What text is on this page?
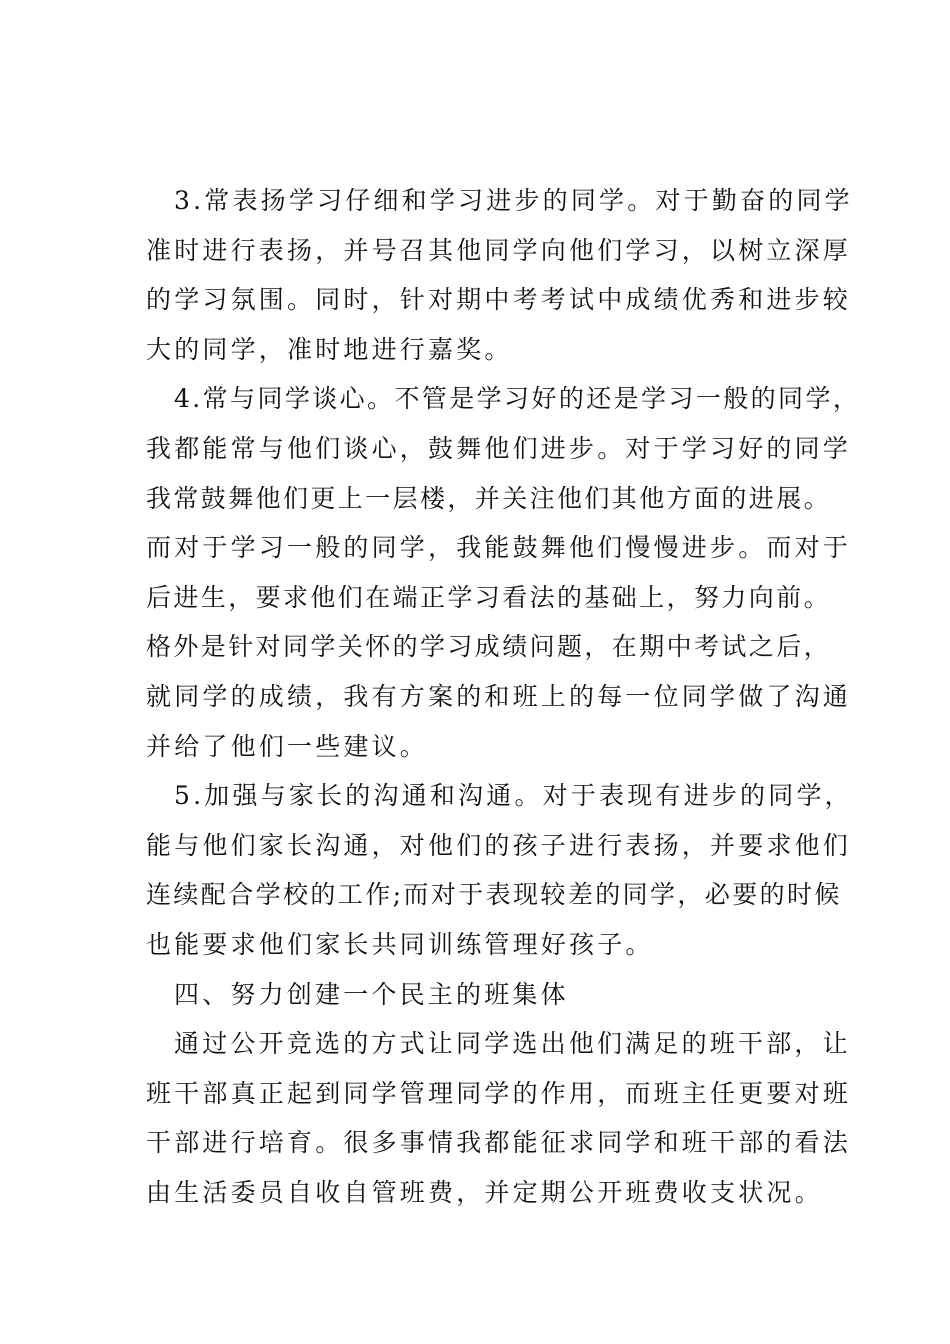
3.常表扬学习仔细和学习进步的同学。对于勤奋的同学
准时进行表扬，并号召其他同学向他们学习，以树立深厚
的学习氛围。同时，针对期中考考试中成绩优秀和进步较
大的同学，准时地进行嘉奖。
4.常与同学谈心。不管是学习好的还是学习一般的同学，
我都能常与他们谈心，鼓舞他们进步。对于学习好的同学
我常鼓舞他们更上一层楼，并关注他们其他方面的进展。
而对于学习一般的同学，我能鼓舞他们慢慢进步。而对于
后进生，要求他们在端正学习看法的基础上，努力向前。
格外是针对同学关怀的学习成绩问题，在期中考试之后，
就同学的成绩，我有方案的和班上的每一位同学做了沟通
并给了他们一些建议。
5.加强与家长的沟通和沟通。对于表现有进步的同学，
能与他们家长沟通，对他们的孩子进行表扬，并要求他们
连续配合学校的工作;而对于表现较差的同学，必要的时候
也能要求他们家长共同训练管理好孩子。
四、努力创建一个民主的班集体
通过公开竞选的方式让同学选出他们满足的班干部，让
班干部真正起到同学管理同学的作用，而班主任更要对班
干部进行培育。很多事情我都能征求同学和班干部的看法
由生活委员自收自管班费，并定期公开班费收支状况。
